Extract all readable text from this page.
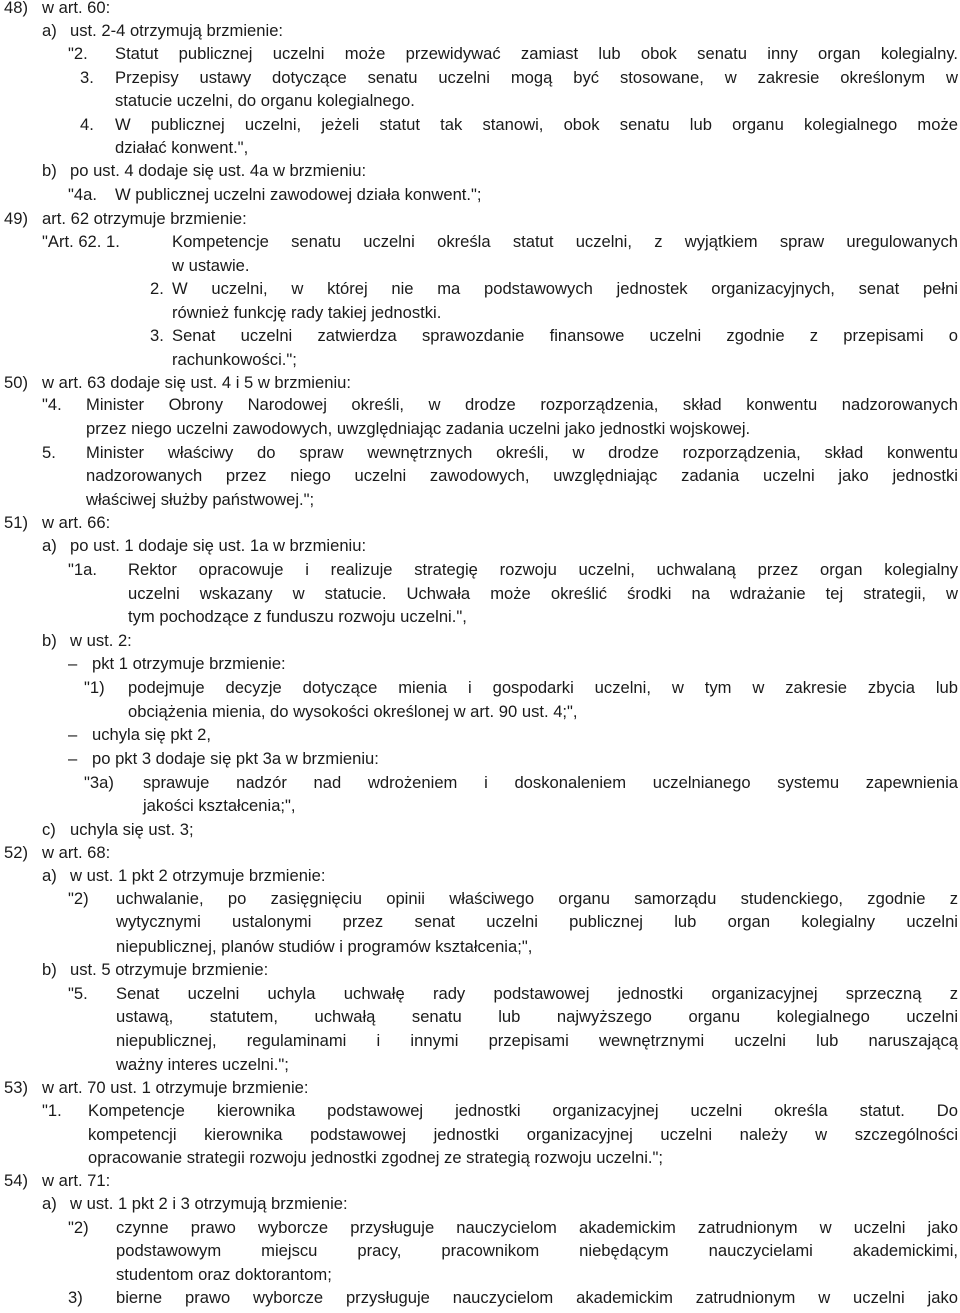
48) w art. 60:
a) ust. 2-4 otrzymują brzmienie:
"2. Statut publicznej uczelni może przewidywać zamiast lub obok senatu inny organ kolegialny.
3. Przepisy ustawy dotyczące senatu uczelni mogą być stosowane, w zakresie określonym w
statucie uczelni, do organu kolegialnego.
4. W publicznej uczelni, jeżeli statut tak stanowi, obok senatu lub organu kolegialnego może
działać konwent.",
b) po ust. 4 dodaje się ust. 4a w brzmieniu:
"4a. W publicznej uczelni zawodowej działa konwent.";
49) art. 62 otrzymuje brzmienie:
"Art. 62. 1.	Kompetencje senatu uczelni określa statut uczelni, z wyjątkiem spraw uregulowanych
w ustawie.
2. W uczelni, w której nie ma podstawowych jednostek organizacyjnych, senat pełni
również funkcję rady takiej jednostki.
3. Senat uczelni zatwierdza sprawozdanie finansowe uczelni zgodnie z przepisami o
rachunkowości.";
50) w art. 63 dodaje się ust. 4 i 5 w brzmieniu:
"4. Minister Obrony Narodowej określi, w drodze rozporządzenia, skład konwentu nadzorowanych
przez niego uczelni zawodowych, uwzględniając zadania uczelni jako jednostki wojskowej.
5. Minister właściwy do spraw wewnętrznych określi, w drodze rozporządzenia, skład konwentu
nadzorowanych przez niego uczelni zawodowych, uwzględniając zadania uczelni jako jednostki
właściwej służby państwowej.";
51) w art. 66:
a) po ust. 1 dodaje się ust. 1a w brzmieniu:
"1a. Rektor opracowuje i realizuje strategię rozwoju uczelni, uchwalaną przez organ kolegialny
uczelni wskazany w statucie. Uchwała może określić środki na wdrażanie tej strategii, w
tym pochodzące z funduszu rozwoju uczelni.",
b) w ust. 2:
– pkt 1 otrzymuje brzmienie:
"1) podejmuje decyzje dotyczące mienia i gospodarki uczelni, w tym w zakresie zbycia lub
obciążenia mienia, do wysokości określonej w art. 90 ust. 4;",
– uchyla się pkt 2,
– po pkt 3 dodaje się pkt 3a w brzmieniu:
"3a) sprawuje nadzór nad wdrożeniem i doskonaleniem uczelnianego systemu zapewnienia
jakości kształcenia;",
c) uchyla się ust. 3;
52) w art. 68:
a) w ust. 1 pkt 2 otrzymuje brzmienie:
"2) uchwalanie, po zasięgnięciu opinii właściwego organu samorządu studenckiego, zgodnie z
wytycznymi ustalonymi przez senat uczelni publicznej lub organ kolegialny uczelni
niepublicznej, planów studiów i programów kształcenia;",
b) ust. 5 otrzymuje brzmienie:
"5. Senat uczelni uchyla uchwałę rady podstawowej jednostki organizacyjnej sprzeczną z
ustawą, statutem, uchwałą senatu lub najwyższego organu kolegialnego uczelni
niepublicznej, regulaminami i innymi przepisami wewnętrznymi uczelni lub naruszającą
ważny interes uczelni.";
53) w art. 70 ust. 1 otrzymuje brzmienie:
"1. Kompetencje kierownika podstawowej jednostki organizacyjnej uczelni określa statut. Do
kompetencji kierownika podstawowej jednostki organizacyjnej uczelni należy w szczególności
opracowanie strategii rozwoju jednostki zgodnej ze strategią rozwoju uczelni.";
54) w art. 71:
a) w ust. 1 pkt 2 i 3 otrzymują brzmienie:
"2) czynne prawo wyborcze przysługuje nauczycielom akademickim zatrudnionym w uczelni jako
podstawowym miejscu pracy, pracownikom niebędącym nauczycielami akademickimi,
studentom oraz doktorantom;
3) bierne prawo wyborcze przysługuje nauczycielom akademickim zatrudnionym w uczelni jako
